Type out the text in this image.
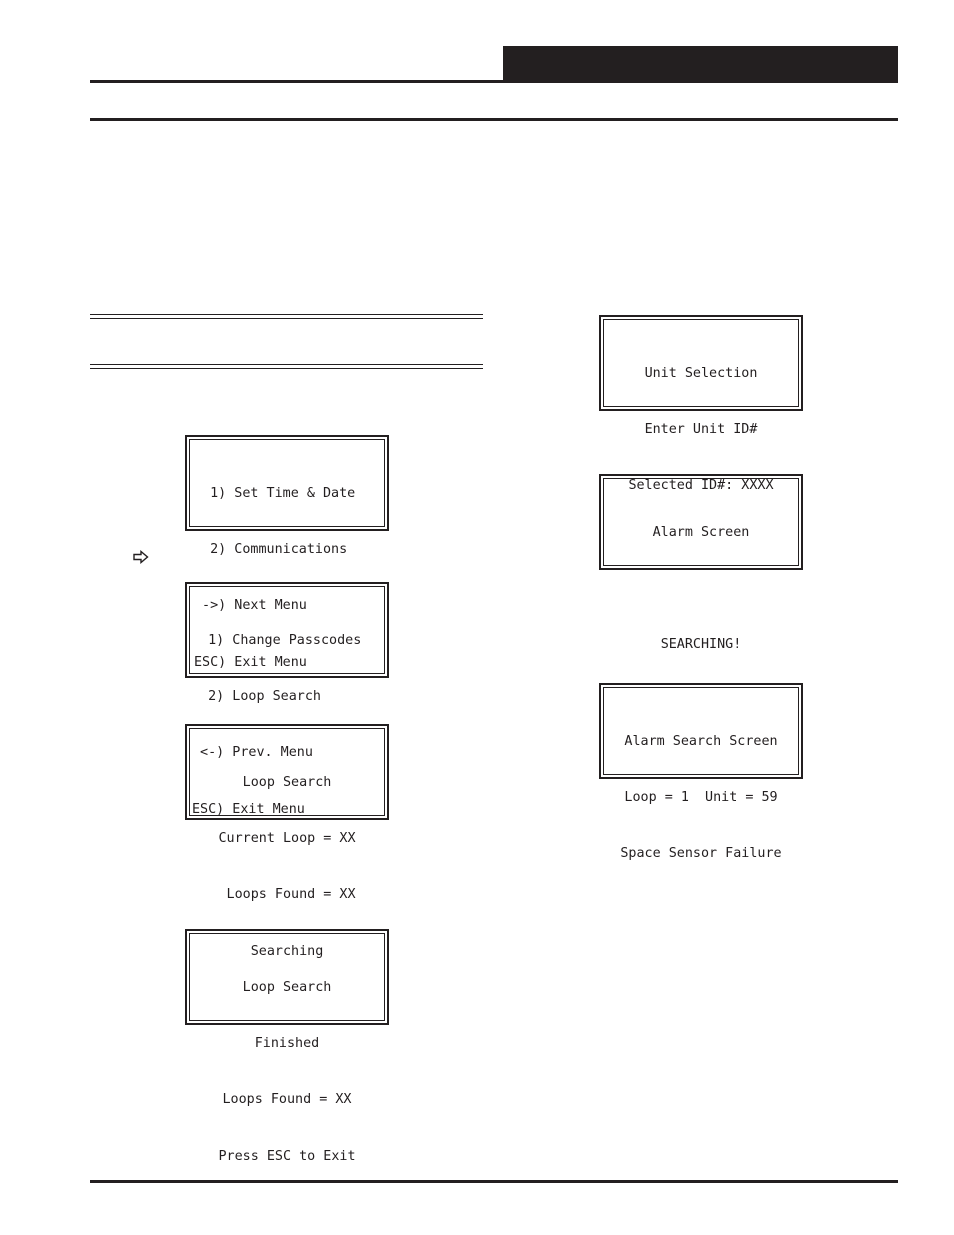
1) Set Time & Date

2) Communications

->) Next Menu

ESC) Exit Menu

1) Change Passcodes

2) Loop Search

<-) Prev. Menu

ESC) Exit Menu

Loop Search

Current Loop = XX

Loops Found = XX

Searching

Loop Search

Finished

Loops Found = XX

Press ESC to Exit

Unit Selection

Enter Unit ID#

Selected ID#: XXXX

Alarm Screen

SEARCHING!

Alarm Search Screen

Loop = 1  Unit = 59

Space Sensor Failure
